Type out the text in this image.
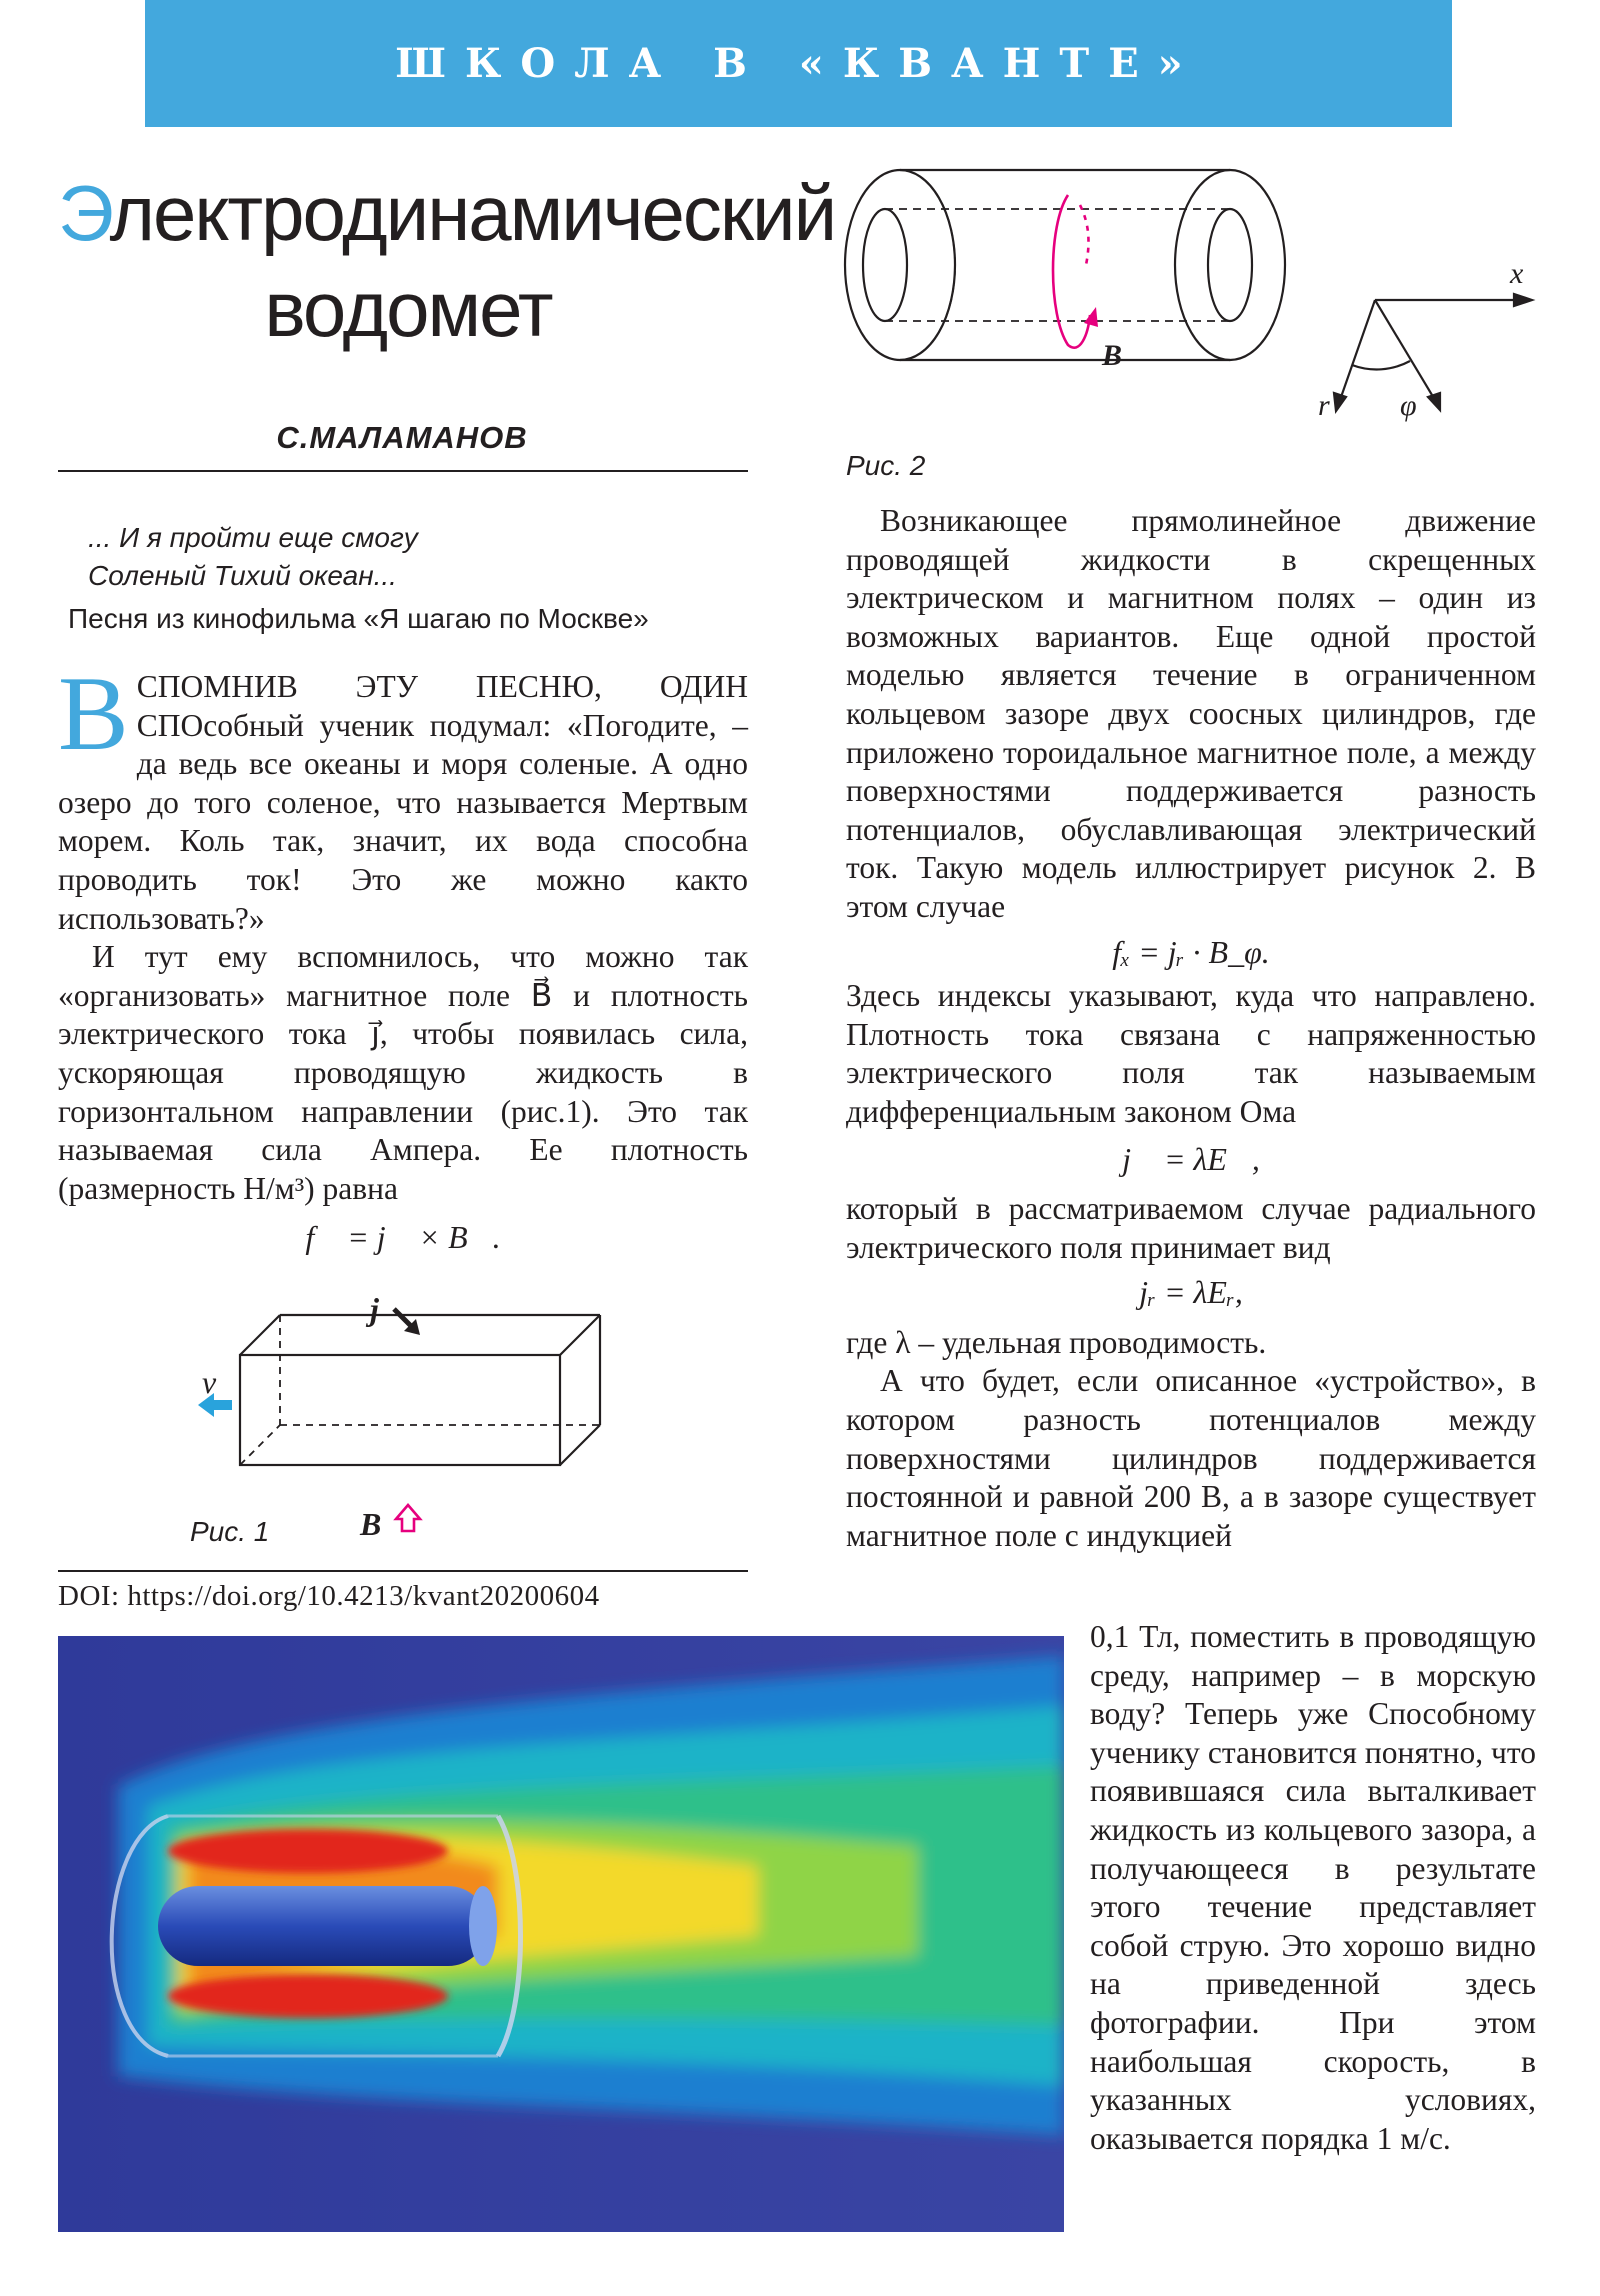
ШКОЛА В «КВАНТЕ»
Электродинамический
водомет
С.МАЛАМАНОВ
... И я пройти еще смогу
Соленый Тихий океан...
Песня из кинофильма «Я шагаю по Москве»

ВСПОМНИВ ЭТУ ПЕСНЮ, ОДИН СПОсобный ученик подумал: «Погодите, – да ведь все океаны и моря соленые. А одно озеро до того соленое, что называется Мертвым морем. Коль так, значит, их вода способна проводить ток! Это же можно както использовать?»

И тут ему вспомнилось, что можно так «организовать» магнитное поле B⃗ и плотность электрического тока j⃗, чтобы появилась сила, ускоряющая проводящую жидкость в горизонтальном направлении (рис.1). Это так называемая сила Ампера. Ее плотность (размерность Н/м³) равна

f⃗ = j⃗ × B⃗.
j
v
B
Рис. 1
DOI: https://doi.org/10.4213/kvant20200604
B
x
r φ
Рис. 2

Возникающее прямолинейное движение проводящей жидкости в скрещенных электрическом и магнитном полях – один из возможных вариантов. Еще одной простой моделью является течение в ограниченном кольцевом зазоре двух соосных цилиндров, где приложено тороидальное магнитное поле, а между поверхностями поддерживается разность потенциалов, обуславливающая электрический ток. Такую модель иллюстрирует рисунок 2. В этом случае

fₓ = jᵣ · B_φ.

Здесь индексы указывают, куда что направлено. Плотность тока связана с напряженностью электрического поля так называемым дифференциальным законом Ома

j⃗ = λE⃗,

который в рассматриваемом случае радиального электрического поля принимает вид

jᵣ = λEᵣ,

где λ – удельная проводимость.

А что будет, если описанное «устройство», в котором разность потенциалов между поверхностями цилиндров поддерживается постоянной и равной 200 В, а в зазоре существует магнитное поле с индукцией

0,1 Тл, поместить в проводящую среду, например – в морскую воду? Теперь уже Способному ученику становится понятно, что появившаяся сила выталкивает жидкость из кольцевого зазора, а получающееся в результате этого течение представляет собой струю. Это хорошо видно на приведенной здесь фотографии. При этом наибольшая скорость, в указанных условиях, оказывается порядка 1 м/с.
